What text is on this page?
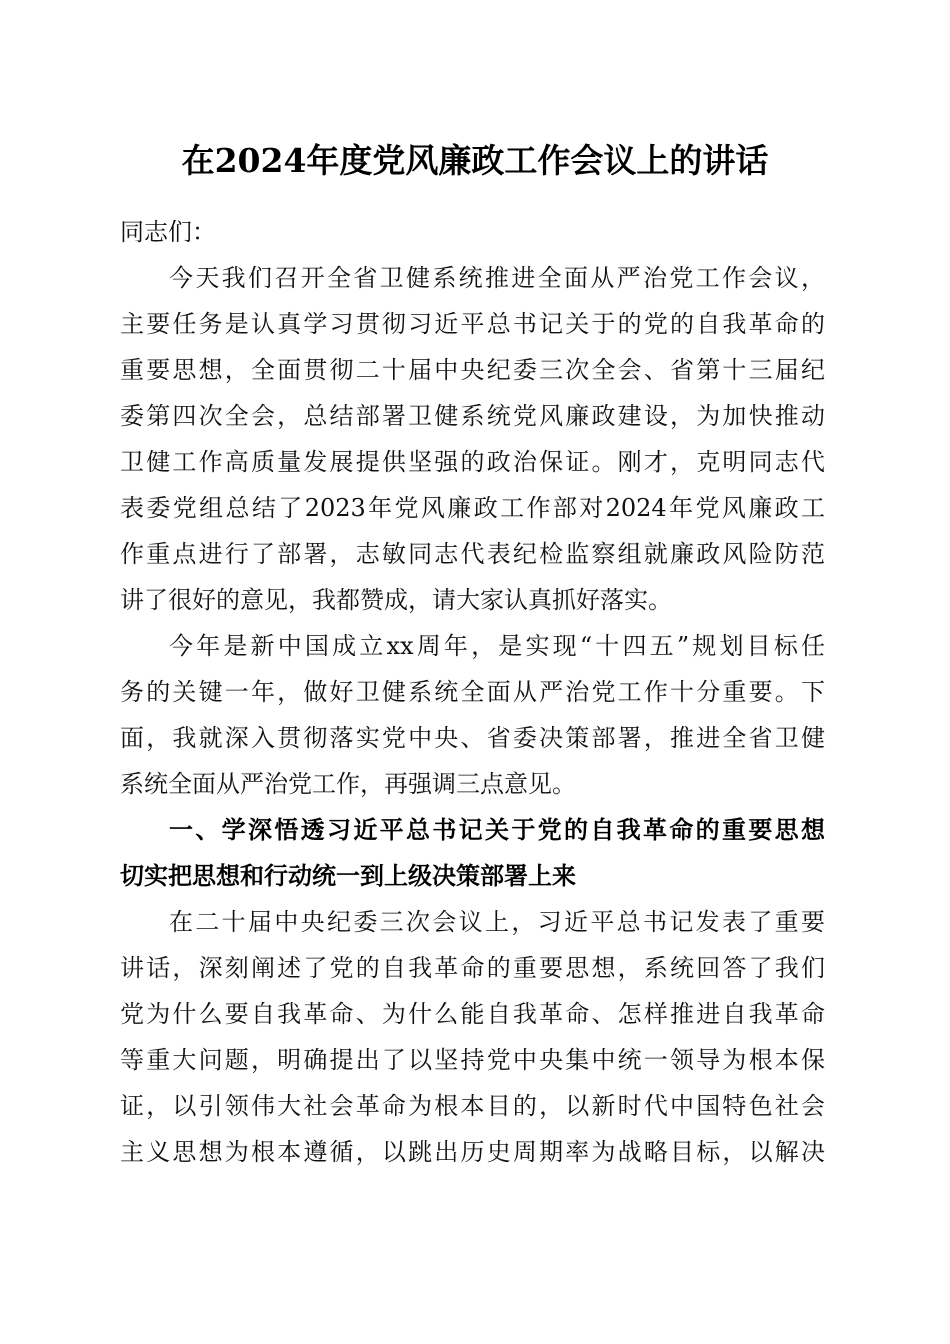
在2024年度党风廉政工作会议上的讲话
同志们：
今天我们召开全省卫健系统推进全面从严治党工作会议，
主要任务是认真学习贯彻习近平总书记关于的党的自我革命的
重要思想，全面贯彻二十届中央纪委三次全会、省第十三届纪
委第四次全会，总结部署卫健系统党风廉政建设，为加快推动
卫健工作高质量发展提供坚强的政治保证。刚才，克明同志代
表委党组总结了2023年党风廉政工作部对2024年党风廉政工
作重点进行了部署，志敏同志代表纪检监察组就廉政风险防范
讲了很好的意见，我都赞成，请大家认真抓好落实。
今年是新中国成立xx周年，是实现“十四五”规划目标任
务的关键一年，做好卫健系统全面从严治党工作十分重要。下
面，我就深入贯彻落实党中央、省委决策部署，推进全省卫健
系统全面从严治党工作，再强调三点意见。
一、学深悟透习近平总书记关于党的自我革命的重要思想
切实把思想和行动统一到上级决策部署上来
在二十届中央纪委三次会议上，习近平总书记发表了重要
讲话，深刻阐述了党的自我革命的重要思想，系统回答了我们
党为什么要自我革命、为什么能自我革命、怎样推进自我革命
等重大问题，明确提出了以坚持党中央集中统一领导为根本保
证，以引领伟大社会革命为根本目的，以新时代中国特色社会
主义思想为根本遵循，以跳出历史周期率为战略目标，以解决
